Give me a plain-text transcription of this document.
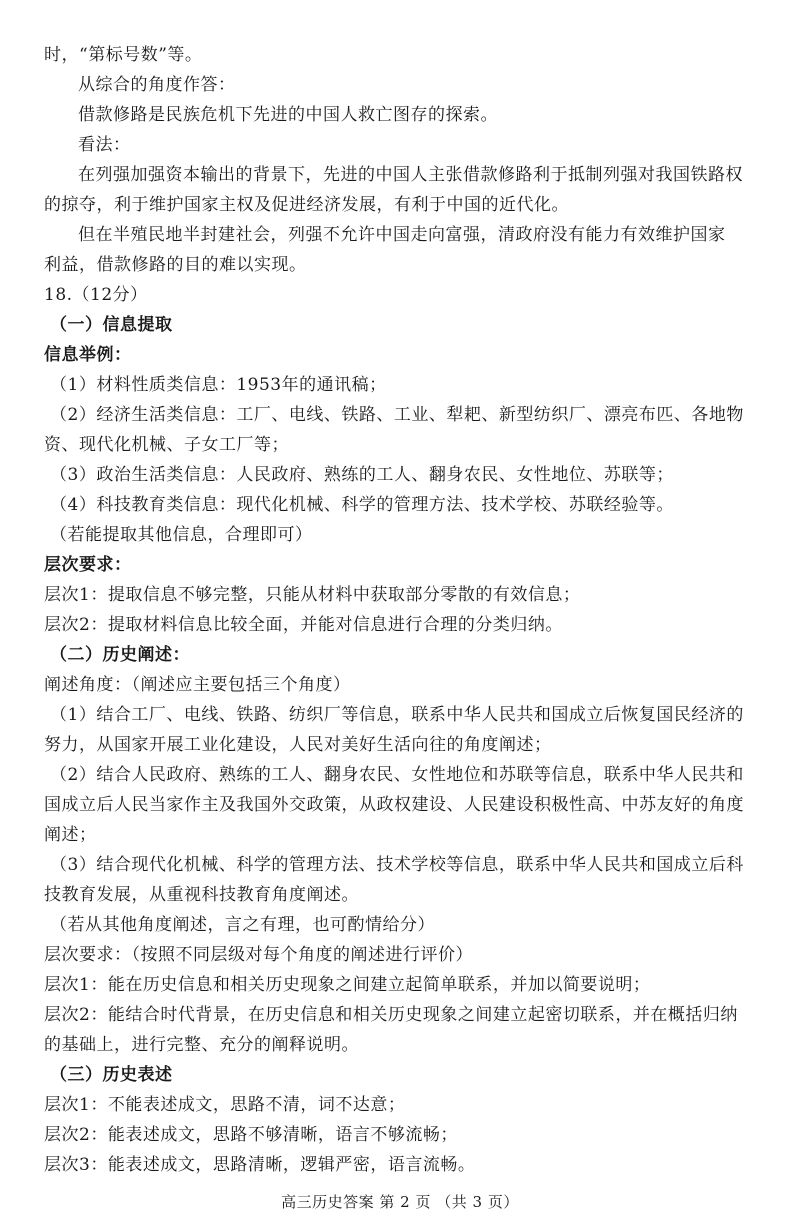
时，“第标号数”等。
从综合的角度作答：
借款修路是民族危机下先进的中国人救亡图存的探索。
看法：
在列强加强资本输出的背景下，先进的中国人主张借款修路利于抵制列强对我国铁路权
的掠夺，利于维护国家主权及促进经济发展，有利于中国的近代化。
但在半殖民地半封建社会，列强不允许中国走向富强，清政府没有能力有效维护国家
利益，借款修路的目的难以实现。
18.（12分）
（一）信息提取
信息举例：
（1）材料性质类信息：1953年的通讯稿；
（2）经济生活类信息：工厂、电线、铁路、工业、犁耙、新型纺织厂、漂亮布匹、各地物
资、现代化机械、子女工厂等；
（3）政治生活类信息：人民政府、熟练的工人、翻身农民、女性地位、苏联等；
（4）科技教育类信息：现代化机械、科学的管理方法、技术学校、苏联经验等。
（若能提取其他信息，合理即可）
层次要求：
层次1：提取信息不够完整，只能从材料中获取部分零散的有效信息；
层次2：提取材料信息比较全面，并能对信息进行合理的分类归纳。
（二）历史阐述：
阐述角度：（阐述应主要包括三个角度）
（1）结合工厂、电线、铁路、纺织厂等信息，联系中华人民共和国成立后恢复国民经济的
努力，从国家开展工业化建设，人民对美好生活向往的角度阐述；
（2）结合人民政府、熟练的工人、翻身农民、女性地位和苏联等信息，联系中华人民共和
国成立后人民当家作主及我国外交政策，从政权建设、人民建设积极性高、中苏友好的角度
阐述；
（3）结合现代化机械、科学的管理方法、技术学校等信息，联系中华人民共和国成立后科
技教育发展，从重视科技教育角度阐述。
（若从其他角度阐述，言之有理，也可酌情给分）
层次要求：（按照不同层级对每个角度的阐述进行评价）
层次1：能在历史信息和相关历史现象之间建立起简单联系，并加以简要说明；
层次2：能结合时代背景，在历史信息和相关历史现象之间建立起密切联系，并在概括归纳
的基础上，进行完整、充分的阐释说明。
（三）历史表述
层次1：不能表述成文，思路不清，词不达意；
层次2：能表述成文，思路不够清晰，语言不够流畅；
高三历史答案 第 2 页 （共 3 页）
层次3：能表述成文，思路清晰，逻辑严密，语言流畅。
